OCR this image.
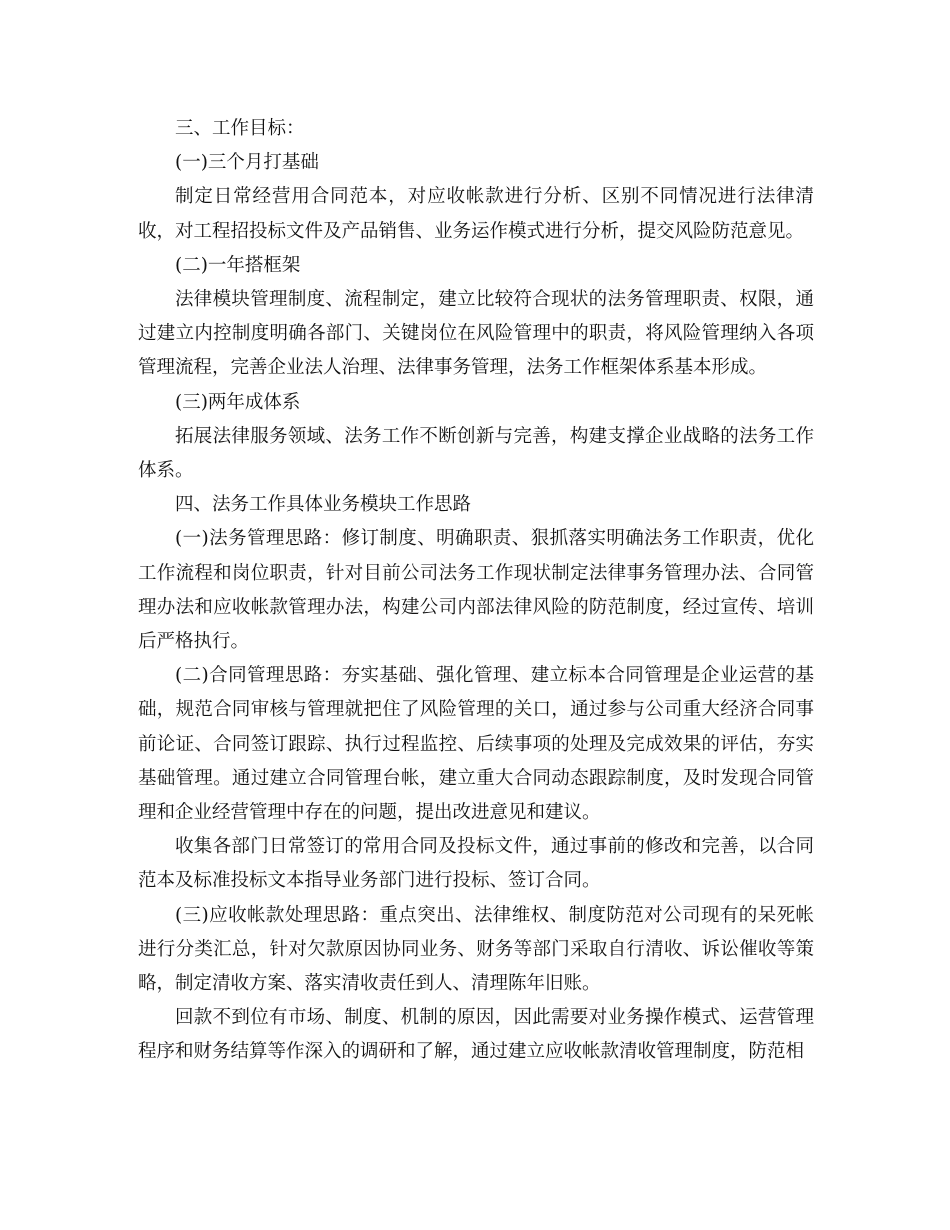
三、工作目标：

(一)三个月打基础

制定日常经营用合同范本，对应收帐款进行分析、区别不同情况进行法律清收，对工程招投标文件及产品销售、业务运作模式进行分析，提交风险防范意见。

(二)一年搭框架

法律模块管理制度、流程制定，建立比较符合现状的法务管理职责、权限，通过建立内控制度明确各部门、关键岗位在风险管理中的职责，将风险管理纳入各项管理流程，完善企业法人治理、法律事务管理，法务工作框架体系基本形成。

(三)两年成体系

拓展法律服务领域、法务工作不断创新与完善，构建支撑企业战略的法务工作体系。

四、法务工作具体业务模块工作思路

(一)法务管理思路：修订制度、明确职责、狠抓落实明确法务工作职责，优化工作流程和岗位职责，针对目前公司法务工作现状制定法律事务管理办法、合同管理办法和应收帐款管理办法，构建公司内部法律风险的防范制度，经过宣传、培训后严格执行。

(二)合同管理思路：夯实基础、强化管理、建立标本合同管理是企业运营的基础，规范合同审核与管理就把住了风险管理的关口，通过参与公司重大经济合同事前论证、合同签订跟踪、执行过程监控、后续事项的处理及完成效果的评估，夯实基础管理。通过建立合同管理台帐，建立重大合同动态跟踪制度，及时发现合同管理和企业经营管理中存在的问题，提出改进意见和建议。

收集各部门日常签订的常用合同及投标文件，通过事前的修改和完善，以合同范本及标准投标文本指导业务部门进行投标、签订合同。

(三)应收帐款处理思路：重点突出、法律维权、制度防范对公司现有的呆死帐进行分类汇总，针对欠款原因协同业务、财务等部门采取自行清收、诉讼催收等策略，制定清收方案、落实清收责任到人、清理陈年旧账。

回款不到位有市场、制度、机制的原因，因此需要对业务操作模式、运营管理程序和财务结算等作深入的调研和了解，通过建立应收帐款清收管理制度，防范相
